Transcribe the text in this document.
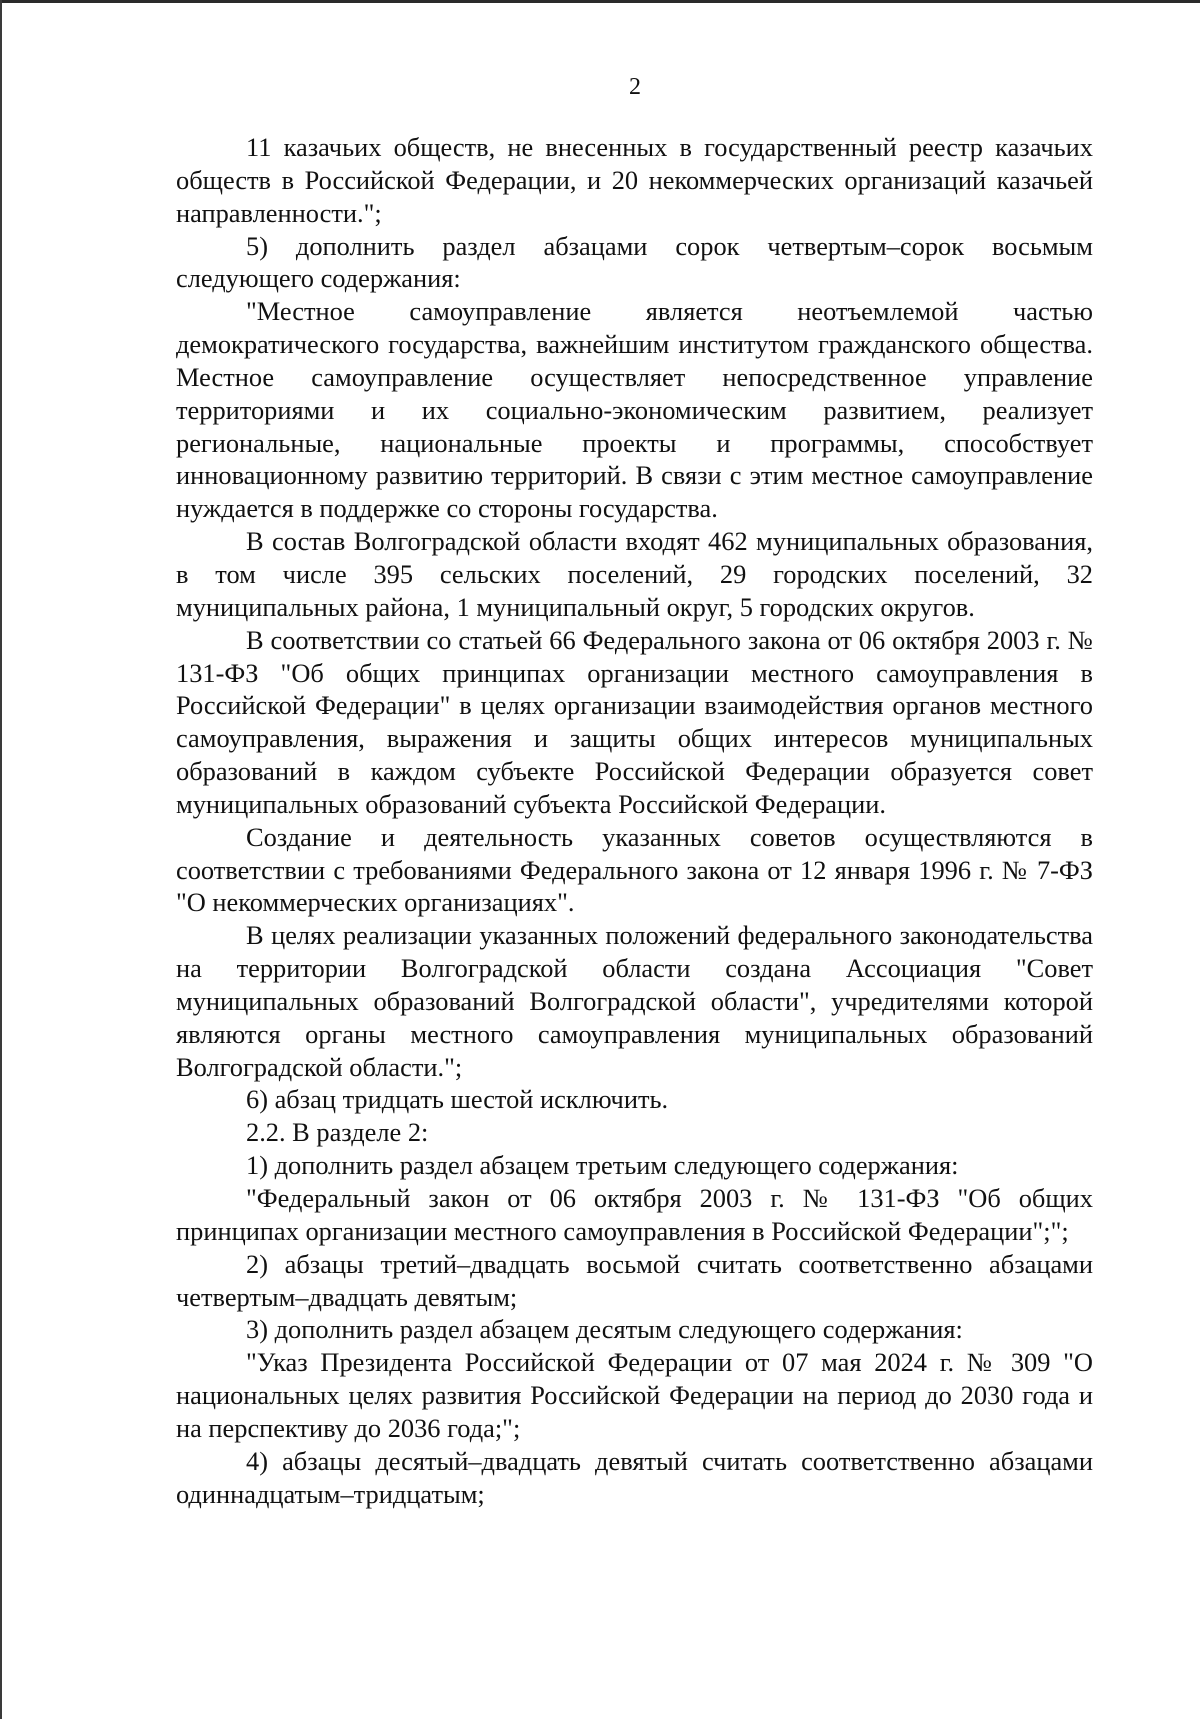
2

11 казачьих обществ, не внесенных в государственный реестр казачьих обществ в Российской Федерации, и 20 некоммерческих организаций казачьей направленности.";

5) дополнить раздел абзацами сорок четвертым–сорок восьмым следующего содержания:

"Местное самоуправление является неотъемлемой частью демократического государства, важнейшим институтом гражданского общества. Местное самоуправление осуществляет непосредственное управление территориями и их социально-экономическим развитием, реализует региональные, национальные проекты и программы, способствует инновационному развитию территорий. В связи с этим местное самоуправление нуждается в поддержке со стороны государства.

В состав Волгоградской области входят 462 муниципальных образования, в том числе 395 сельских поселений, 29 городских поселений, 32 муниципальных района, 1 муниципальный округ, 5 городских округов.

В соответствии со статьей 66 Федерального закона от 06 октября 2003 г. № 131-ФЗ "Об общих принципах организации местного самоуправления в Российской Федерации" в целях организации взаимодействия органов местного самоуправления, выражения и защиты общих интересов муниципальных образований в каждом субъекте Российской Федерации образуется совет муниципальных образований субъекта Российской Федерации.

Создание и деятельность указанных советов осуществляются в соответствии с требованиями Федерального закона от 12 января 1996 г. № 7-ФЗ "О некоммерческих организациях".

В целях реализации указанных положений федерального законодательства на территории Волгоградской области создана Ассоциация "Совет муниципальных образований Волгоградской области", учредителями которой являются органы местного самоуправления муниципальных образований Волгоградской области.";

6) абзац тридцать шестой исключить.

2.2. В разделе 2:

1) дополнить раздел абзацем третьим следующего содержания:

"Федеральный закон от 06 октября 2003 г. № 131-ФЗ "Об общих принципах организации местного самоуправления в Российской Федерации";";

2) абзацы третий–двадцать восьмой считать соответственно абзацами четвертым–двадцать девятым;

3) дополнить раздел абзацем десятым следующего содержания:

"Указ Президента Российской Федерации от 07 мая 2024 г. № 309 "О национальных целях развития Российской Федерации на период до 2030 года и на перспективу до 2036 года;";

4) абзацы десятый–двадцать девятый считать соответственно абзацами одиннадцатым–тридцатым;
